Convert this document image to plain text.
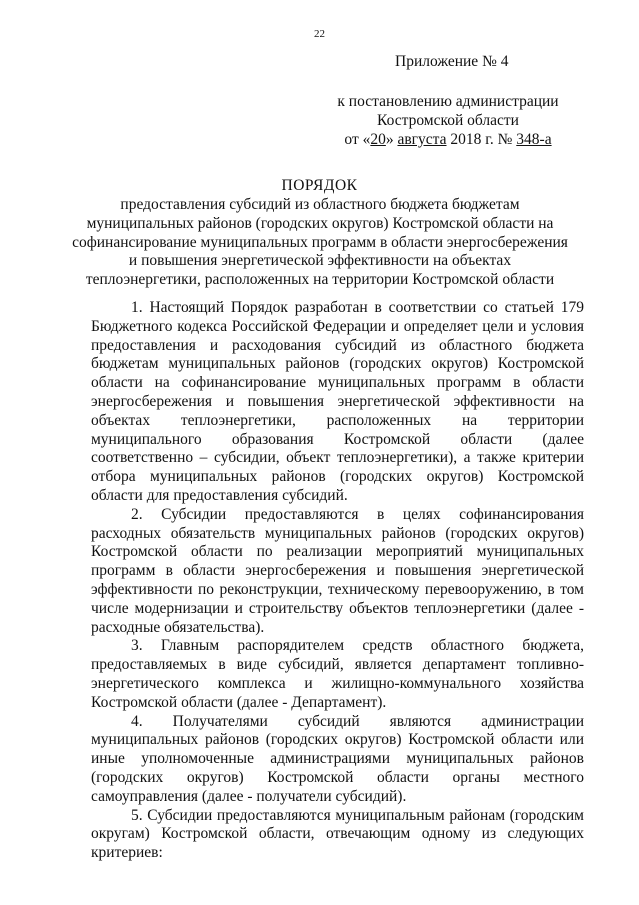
22
Приложение № 4
к постановлению администрации
Костромской области
от «20» августа 2018 г. № 348-а
ПОРЯДОК
предоставления субсидий из областного бюджета бюджетам муниципальных районов (городских округов) Костромской области на софинансирование муниципальных программ в области энергосбережения и повышения энергетической эффективности на объектах теплоэнергетики, расположенных на территории Костромской области

1. Настоящий Порядок разработан в соответствии со статьей 179 Бюджетного кодекса Российской Федерации и определяет цели и условия предоставления и расходования субсидий из областного бюджета бюджетам муниципальных районов (городских округов) Костромской области на софинансирование муниципальных программ в области энергосбережения и повышения энергетической эффективности на объектах теплоэнергетики, расположенных на территории муниципального образования Костромской области (далее соответственно – субсидии, объект теплоэнергетики), а также критерии отбора муниципальных районов (городских округов) Костромской области для предоставления субсидий.

2. Субсидии предоставляются в целях софинансирования расходных обязательств муниципальных районов (городских округов) Костромской области по реализации мероприятий муниципальных программ в области энергосбережения и повышения энергетической эффективности по реконструкции, техническому перевооружению, в том числе модернизации и строительству объектов теплоэнергетики (далее - расходные обязательства).

3. Главным распорядителем средств областного бюджета, предоставляемых в виде субсидий, является департамент топливно-энергетического комплекса и жилищно-коммунального хозяйства Костромской области (далее - Департамент).

4. Получателями субсидий являются администрации муниципальных районов (городских округов) Костромской области или иные уполномоченные администрациями муниципальных районов (городских округов) Костромской области органы местного самоуправления (далее - получатели субсидий).

5. Субсидии предоставляются муниципальным районам (городским округам) Костромской области, отвечающим одному из следующих критериев:
